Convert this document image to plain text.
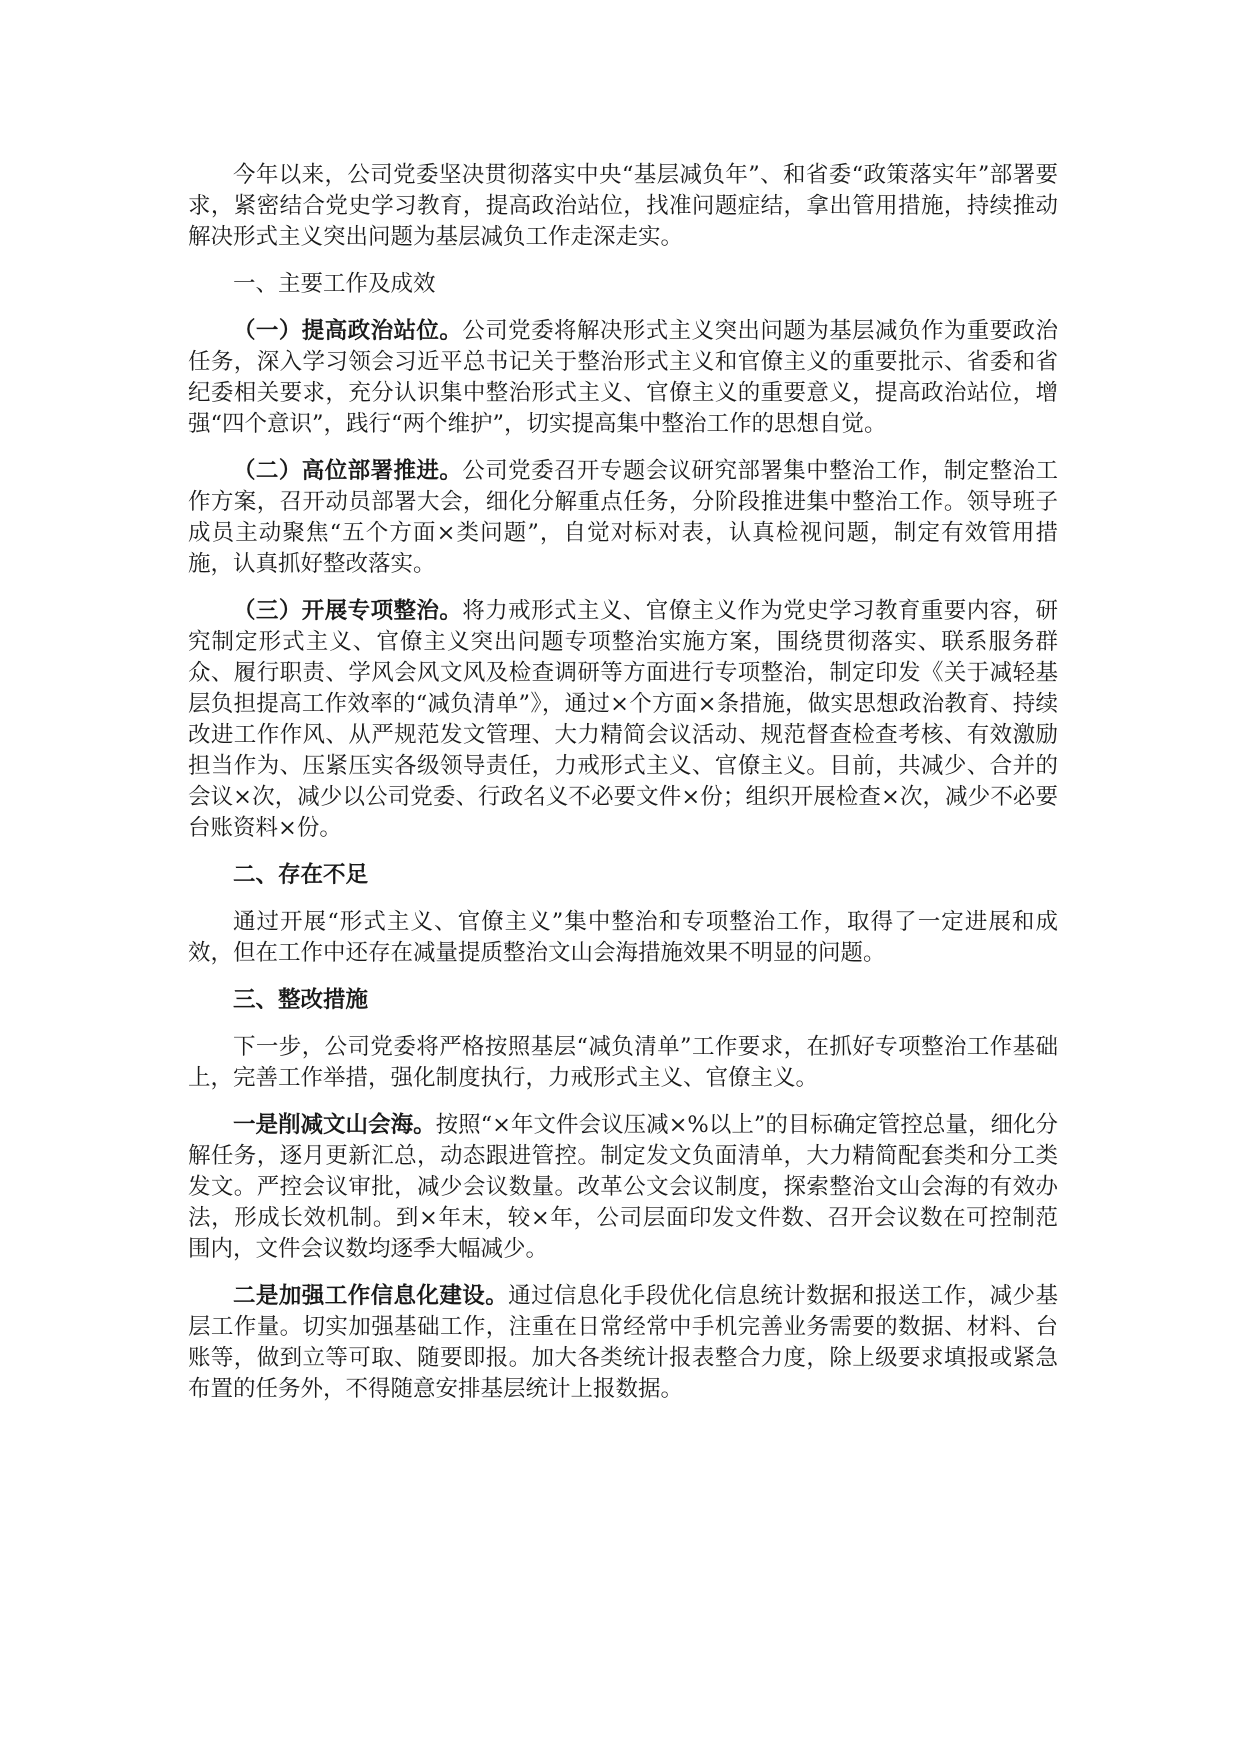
今年以来，公司党委坚决贯彻落实中央“基层减负年”、和省委“政策落实年”部署要求，紧密结合党史学习教育，提高政治站位，找准问题症结，拿出管用措施，持续推动解决形式主义突出问题为基层减负工作走深走实。

一、主要工作及成效

（一）提高政治站位。公司党委将解决形式主义突出问题为基层减负作为重要政治任务，深入学习领会习近平总书记关于整治形式主义和官僚主义的重要批示、省委和省纪委相关要求，充分认识集中整治形式主义、官僚主义的重要意义，提高政治站位，增强“四个意识”，践行“两个维护”，切实提高集中整治工作的思想自觉。

（二）高位部署推进。公司党委召开专题会议研究部署集中整治工作，制定整治工作方案，召开动员部署大会，细化分解重点任务，分阶段推进集中整治工作。领导班子成员主动聚焦“五个方面×类问题”，自觉对标对表，认真检视问题，制定有效管用措施，认真抓好整改落实。

（三）开展专项整治。将力戒形式主义、官僚主义作为党史学习教育重要内容，研究制定形式主义、官僚主义突出问题专项整治实施方案，围绕贯彻落实、联系服务群众、履行职责、学风会风文风及检查调研等方面进行专项整治，制定印发《关于减轻基层负担提高工作效率的“减负清单”》，通过×个方面×条措施，做实思想政治教育、持续改进工作作风、从严规范发文管理、大力精简会议活动、规范督查检查考核、有效激励担当作为、压紧压实各级领导责任，力戒形式主义、官僚主义。目前，共减少、合并的会议×次，减少以公司党委、行政名义不必要文件×份；组织开展检查×次，减少不必要台账资料×份。

二、存在不足

通过开展“形式主义、官僚主义”集中整治和专项整治工作，取得了一定进展和成效，但在工作中还存在减量提质整治文山会海措施效果不明显的问题。

三、整改措施

下一步，公司党委将严格按照基层“减负清单”工作要求，在抓好专项整治工作基础上，完善工作举措，强化制度执行，力戒形式主义、官僚主义。

一是削减文山会海。按照“×年文件会议压减×%以上”的目标确定管控总量，细化分解任务，逐月更新汇总，动态跟进管控。制定发文负面清单，大力精简配套类和分工类发文。严控会议审批，减少会议数量。改革公文会议制度，探索整治文山会海的有效办法，形成长效机制。到×年末，较×年，公司层面印发文件数、召开会议数在可控制范围内，文件会议数均逐季大幅减少。

二是加强工作信息化建设。通过信息化手段优化信息统计数据和报送工作，减少基层工作量。切实加强基础工作，注重在日常经常中手机完善业务需要的数据、材料、台账等，做到立等可取、随要即报。加大各类统计报表整合力度，除上级要求填报或紧急布置的任务外，不得随意安排基层统计上报数据。
